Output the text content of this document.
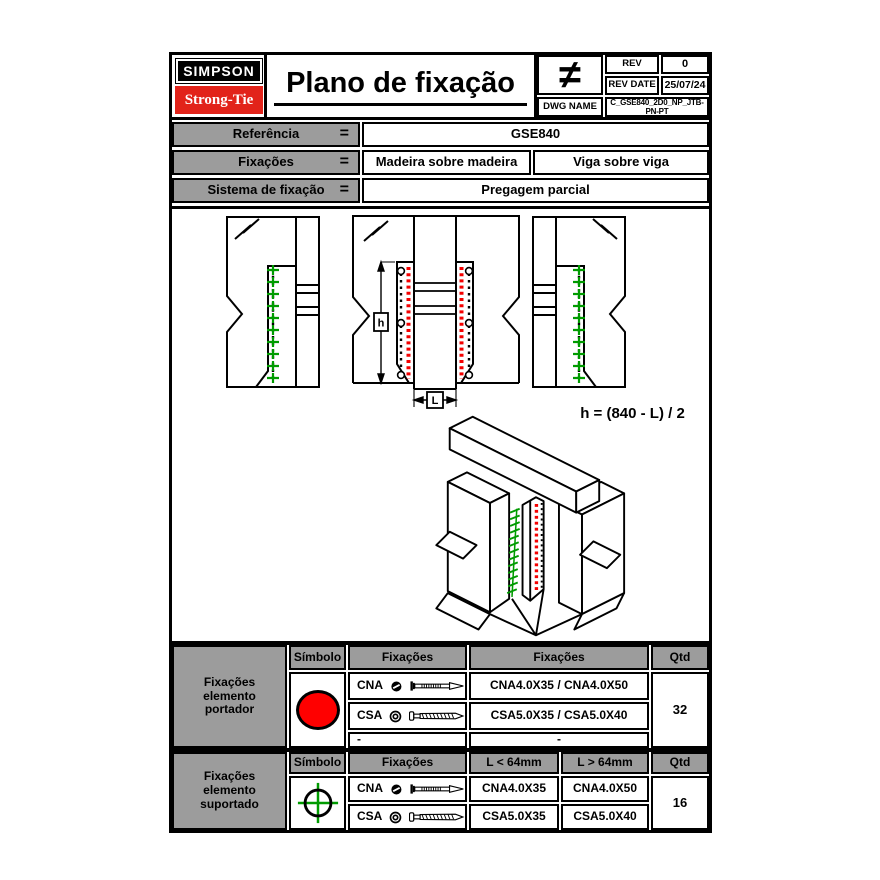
SIMPSON
Strong-Tie
Plano de fixação	≠
DWG NAME
REV	0
REV DATE 25/07/24
C_GSE840_2D0_NP_JTB-PN-PT
Referência	=	GSE840
Fixações	=	Madeira sobre madeira	Viga sobre viga
Sistema de fixação =	Pregagem parcial
h
L
h = (840 - L) / 2
Fixações elemento portador
Símbolo	Fixações	Fixações	Qtd
CNA	CNA4.0X35 / CNA4.0X50
CSA	CSA5.0X35 / CSA5.0X40
-	-
32
Fixações elemento suportado
Símbolo	Fixações	L < 64mm	L > 64mm	Qtd
CNA	CNA4.0X35	CNA4.0X50
CSA	CSA5.0X35	CSA5.0X40
16
